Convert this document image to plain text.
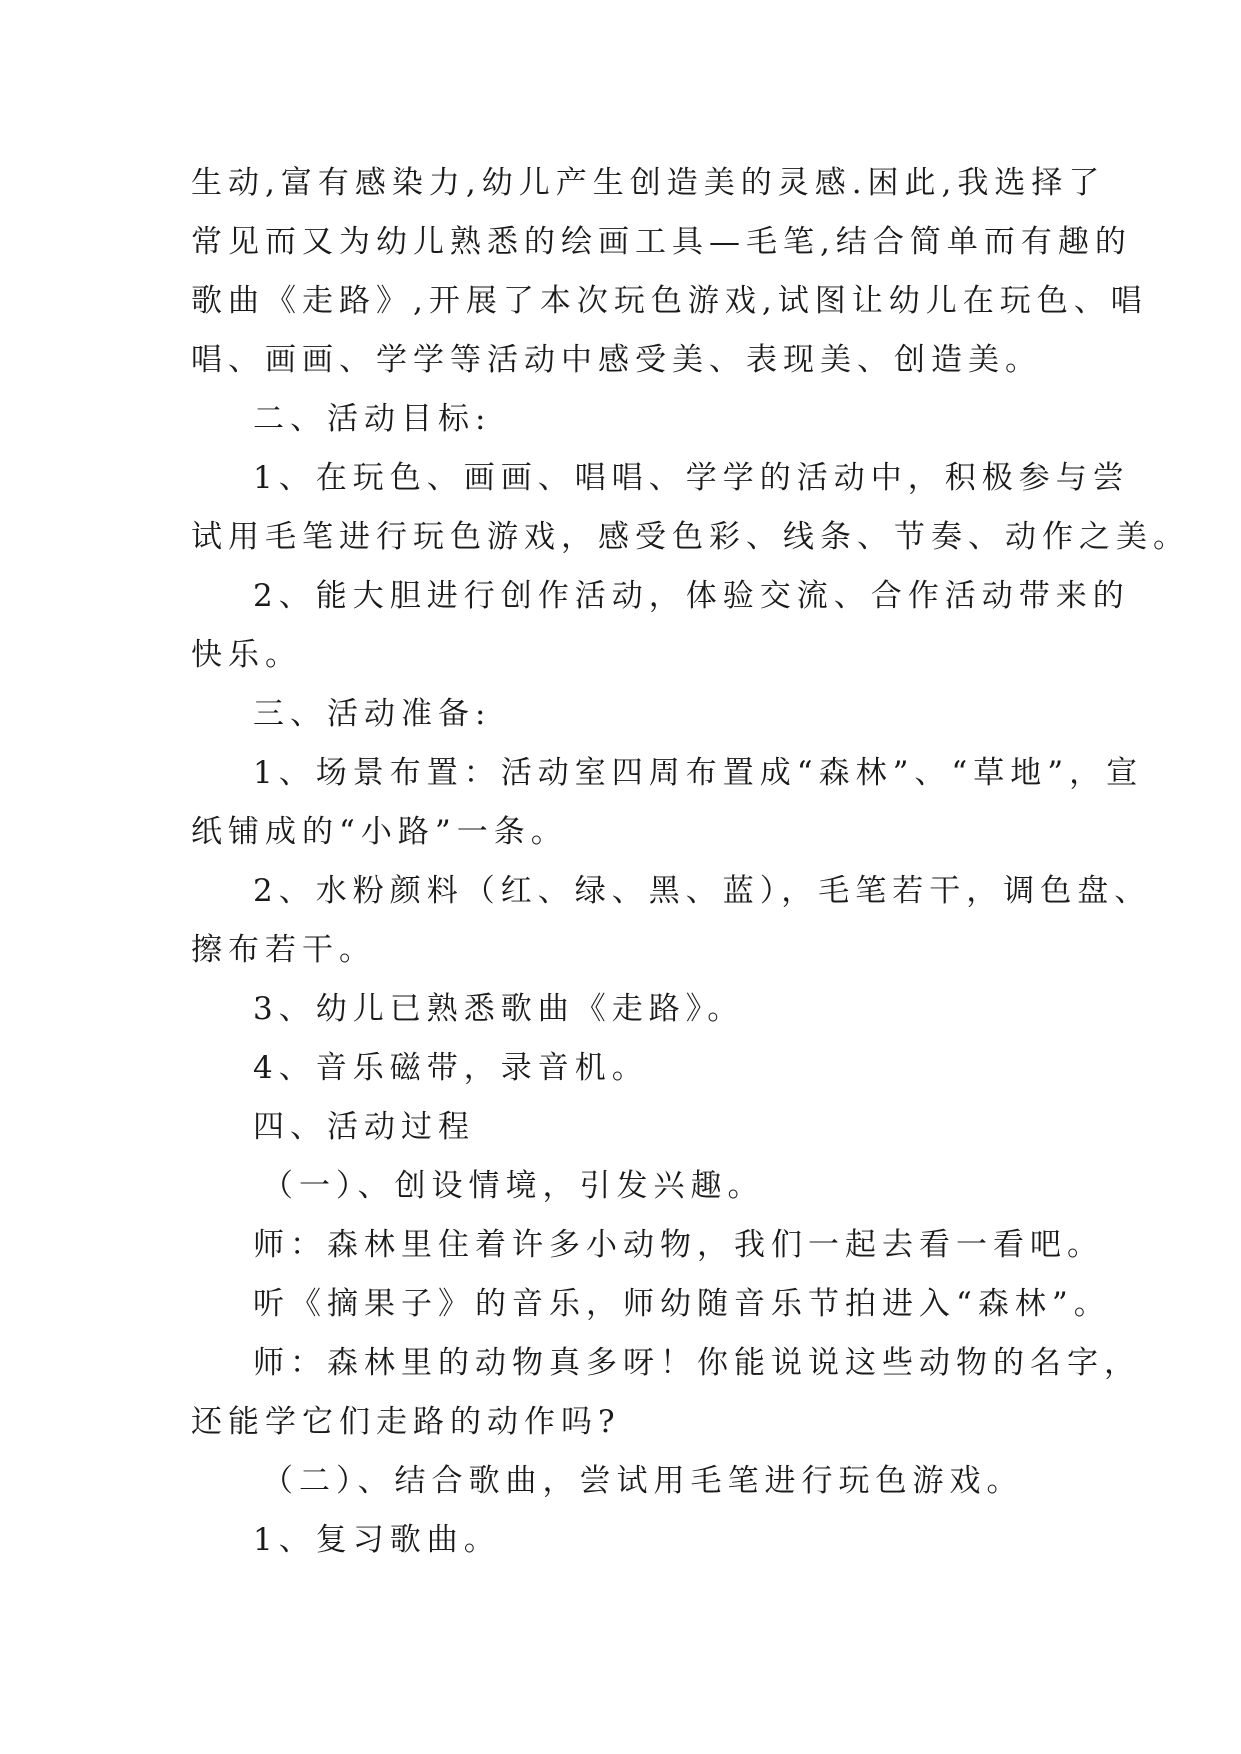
生动,富有感染力,幼儿产生创造美的灵感.困此,我选择了
常见而又为幼儿熟悉的绘画工具—毛笔,结合简单而有趣的
歌曲《走路》,开展了本次玩色游戏,试图让幼儿在玩色、唱
唱、画画、学学等活动中感受美、表现美、创造美。
二、活动目标:
1、在玩色、画画、唱唱、学学的活动中，积极参与尝
试用毛笔进行玩色游戏，感受色彩、线条、节奏、动作之美。
2、能大胆进行创作活动，体验交流、合作活动带来的
快乐。
三、活动准备:
1、场景布置：活动室四周布置成“森林”、“草地”，宣
纸铺成的“小路”一条。
2、水粉颜料（红、绿、黑、蓝），毛笔若干，调色盘、
擦布若干。
3、幼儿已熟悉歌曲《走路》。
4、音乐磁带，录音机。
四、活动过程
（一）、创设情境，引发兴趣。
师：森林里住着许多小动物，我们一起去看一看吧。
听《摘果子》的音乐，师幼随音乐节拍进入“森林”。
师：森林里的动物真多呀！你能说说这些动物的名字，
还能学它们走路的动作吗?
（二）、结合歌曲，尝试用毛笔进行玩色游戏。
1、复习歌曲。
